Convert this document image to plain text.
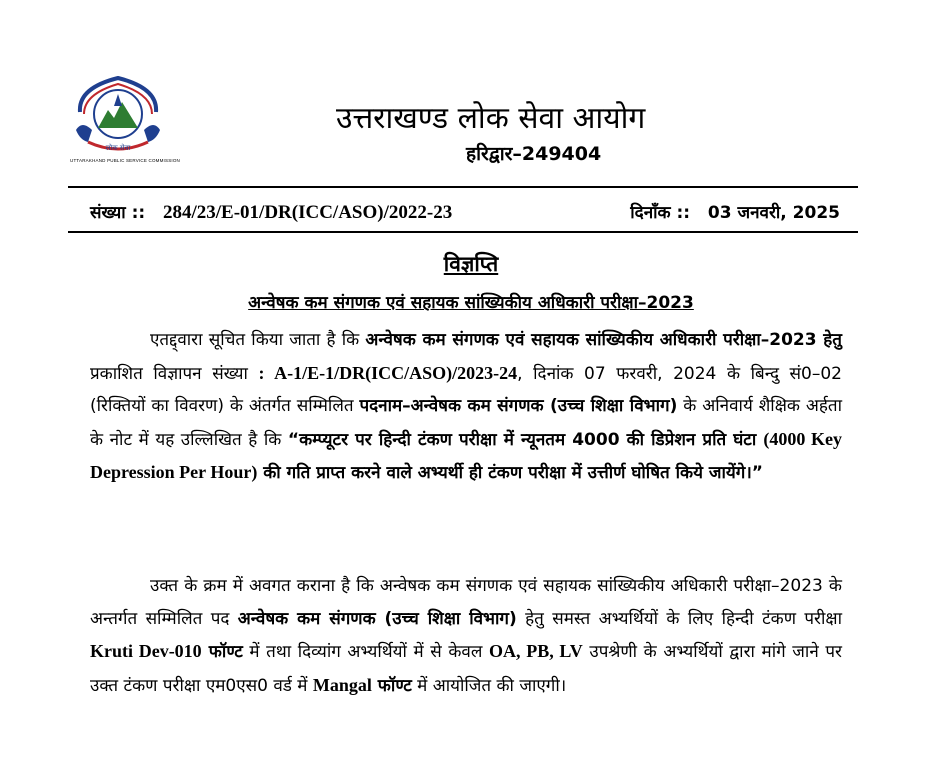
लोक सेवा
UTTARAKHAND PUBLIC SERVICE COMMISSION
उत्तराखण्ड लोक सेवा आयोग
हरिद्वार–249404
संख्या :: 284/23/E-01/DR(ICC/ASO)/2022-23	दिनाँक :: 03 जनवरी, 2025
विज्ञप्ति
अन्वेषक कम संगणक एवं सहायक सांख्यिकीय अधिकारी परीक्षा–2023
एतद्द्वारा सूचित किया जाता है कि अन्वेषक कम संगणक एवं सहायक सांख्यिकीय अधिकारी परीक्षा–2023 हेतु प्रकाशित विज्ञापन संख्या : A-1/E-1/DR(ICC/ASO)/2023-24, दिनांक 07 फरवरी, 2024 के बिन्दु सं0–02 (रिक्तियों का विवरण) के अंतर्गत सम्मिलित पदनाम–अन्वेषक कम संगणक (उच्च शिक्षा विभाग) के अनिवार्य शैक्षिक अर्हता के नोट में यह उल्लिखित है कि “कम्प्यूटर पर हिन्दी टंकण परीक्षा में न्यूनतम 4000 की डिप्रेशन प्रति घंटा (4000 Key Depression Per Hour) की गति प्राप्त करने वाले अभ्यर्थी ही टंकण परीक्षा में उत्तीर्ण घोषित किये जायेंगे।”
उक्त के क्रम में अवगत कराना है कि अन्वेषक कम संगणक एवं सहायक सांख्यिकीय अधिकारी परीक्षा–2023 के अन्तर्गत सम्मिलित पद अन्वेषक कम संगणक (उच्च शिक्षा विभाग) हेतु समस्त अभ्यर्थियों के लिए हिन्दी टंकण परीक्षा Kruti Dev-010 फॉण्ट में तथा दिव्यांग अभ्यर्थियों में से केवल OA, PB, LV उपश्रेणी के अभ्यर्थियों द्वारा मांगे जाने पर उक्त टंकण परीक्षा एम0एस0 वर्ड में Mangal फॉण्ट में आयोजित की जाएगी।
